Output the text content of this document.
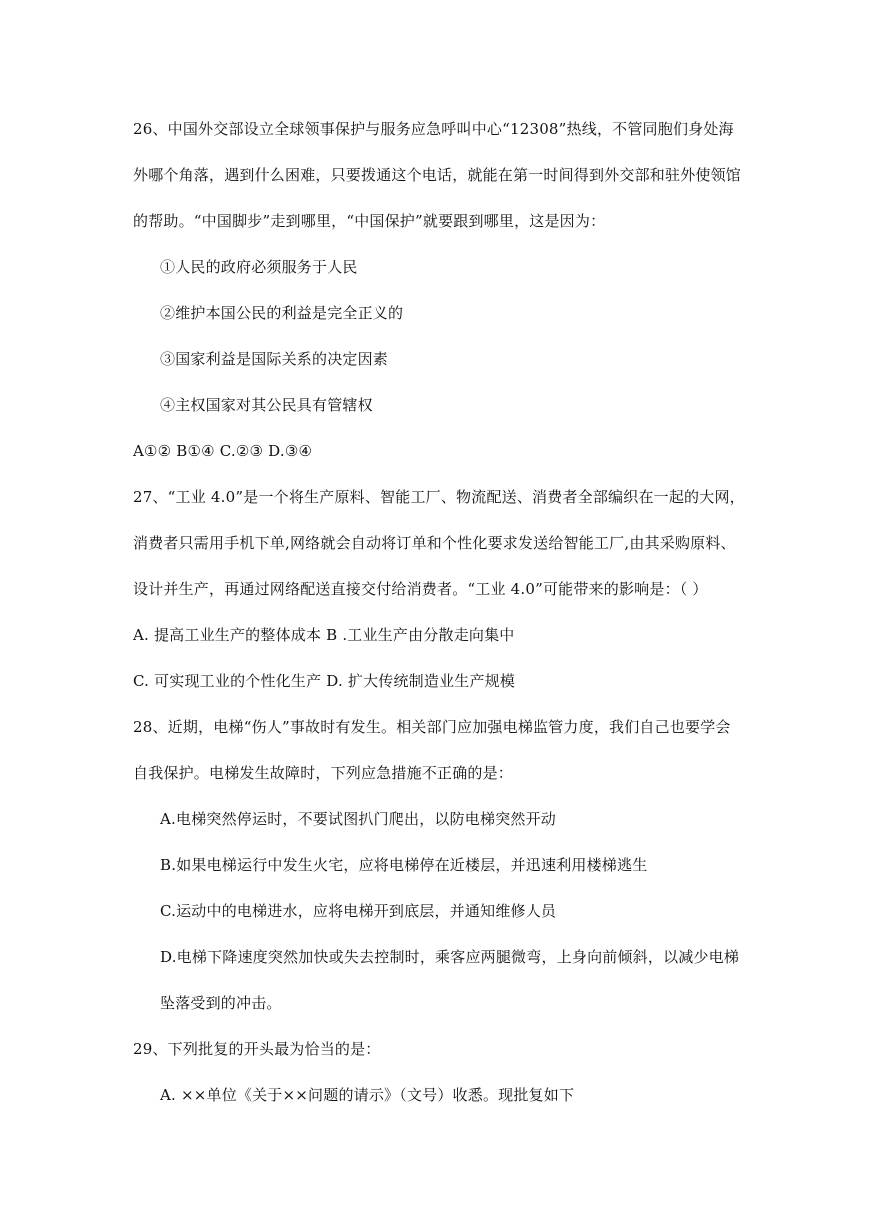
26、中国外交部设立全球领事保护与服务应急呼叫中心“12308”热线，不管同胞们身处海
外哪个角落，遇到什么困难，只要拨通这个电话，就能在第一时间得到外交部和驻外使领馆
的帮助。“中国脚步”走到哪里，“中国保护”就要跟到哪里，这是因为：
①人民的政府必须服务于人民
②维护本国公民的利益是完全正义的
③国家利益是国际关系的决定因素
④主权国家对其公民具有管辖权
A①② B①④ C.②③ D.③④
27、“工业 4.0”是一个将生产原料、智能工厂、物流配送、消费者全部编织在一起的大网，
消费者只需用手机下单,网络就会自动将订单和个性化要求发送给智能工厂,由其采购原料、
设计并生产，再通过网络配送直接交付给消费者。“工业 4.0”可能带来的影响是：（ ）
A. 提高工业生产的整体成本 B .工业生产由分散走向集中
C. 可实现工业的个性化生产 D. 扩大传统制造业生产规模
28、近期，电梯“伤人”事故时有发生。相关部门应加强电梯监管力度，我们自己也要学会
自我保护。电梯发生故障时，下列应急措施不正确的是：
A.电梯突然停运时，不要试图扒门爬出，以防电梯突然开动
B.如果电梯运行中发生火宅，应将电梯停在近楼层，并迅速利用楼梯逃生
C.运动中的电梯进水，应将电梯开到底层，并通知维修人员
D.电梯下降速度突然加快或失去控制时，乘客应两腿微弯，上身向前倾斜，以减少电梯
坠落受到的冲击。
29、下列批复的开头最为恰当的是：
A. ××单位《关于××问题的请示》（文号）收悉。现批复如下
